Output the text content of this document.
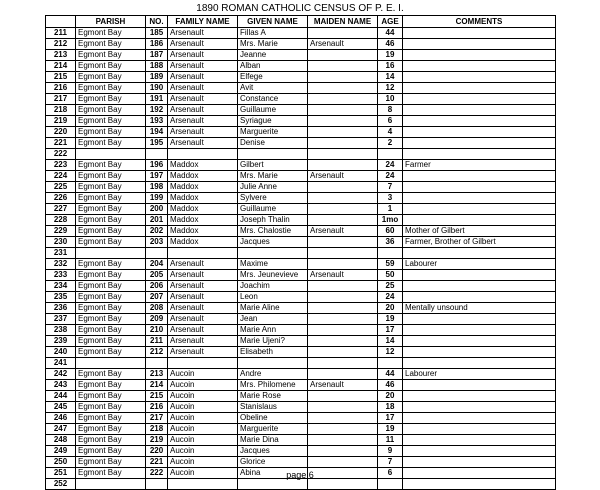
1890 ROMAN CATHOLIC CENSUS OF P. E. I.
	PARISH	NO.	FAMILY NAME	GIVEN NAME	MAIDEN NAME	AGE	COMMENTS
211	Egmont Bay	185	Arsenault	Fillas A		44	
212	Egmont Bay	186	Arsenault	Mrs. Marie	Arsenault	46	
213	Egmont Bay	187	Arsenault	Jeanne		19	
214	Egmont Bay	188	Arsenault	Alban		16	
215	Egmont Bay	189	Arsenault	Elfege		14	
216	Egmont Bay	190	Arsenault	Avit		12	
217	Egmont Bay	191	Arsenault	Constance		10	
218	Egmont Bay	192	Arsenault	Guillaume		8	
219	Egmont Bay	193	Arsenault	Syriague		6	
220	Egmont Bay	194	Arsenault	Marguerite		4	
221	Egmont Bay	195	Arsenault	Denise		2	
222							
223	Egmont Bay	196	Maddox	Gilbert		24	Farmer
224	Egmont Bay	197	Maddox	Mrs. Marie	Arsenault	24	
225	Egmont Bay	198	Maddox	Julie Anne		7	
226	Egmont Bay	199	Maddox	Sylvere		3	
227	Egmont Bay	200	Maddox	Guillaume		1	
228	Egmont Bay	201	Maddox	Joseph Thalin		1mo	
229	Egmont Bay	202	Maddox	Mrs. Chalostie	Arsenault	60	Mother of Gilbert
230	Egmont Bay	203	Maddox	Jacques		36	Farmer, Brother of Gilbert
231							
232	Egmont Bay	204	Arsenault	Maxime		59	Labourer
233	Egmont Bay	205	Arsenault	Mrs. Jeunevieve	Arsenault	50	
234	Egmont Bay	206	Arsenault	Joachim		25	
235	Egmont Bay	207	Arsenault	Leon		24	
236	Egmont Bay	208	Arsenault	Marie Aline		20	Mentally unsound
237	Egmont Bay	209	Arsenault	Jean		19	
238	Egmont Bay	210	Arsenault	Marie Ann		17	
239	Egmont Bay	211	Arsenault	Marie Ujeni?		14	
240	Egmont Bay	212	Arsenault	Elisabeth		12	
241							
242	Egmont Bay	213	Aucoin	Andre		44	Labourer
243	Egmont Bay	214	Aucoin	Mrs. Philomene	Arsenault	46	
244	Egmont Bay	215	Aucoin	Marie Rose		20	
245	Egmont Bay	216	Aucoin	Stanislaus		18	
246	Egmont Bay	217	Aucoin	Obeline		17	
247	Egmont Bay	218	Aucoin	Marguerite		19	
248	Egmont Bay	219	Aucoin	Marie Dina		11	
249	Egmont Bay	220	Aucoin	Jacques		9	
250	Egmont Bay	221	Aucoin	Glorice		7	
251	Egmont Bay	222	Aucoin	Abina		6	
252							
page 6
